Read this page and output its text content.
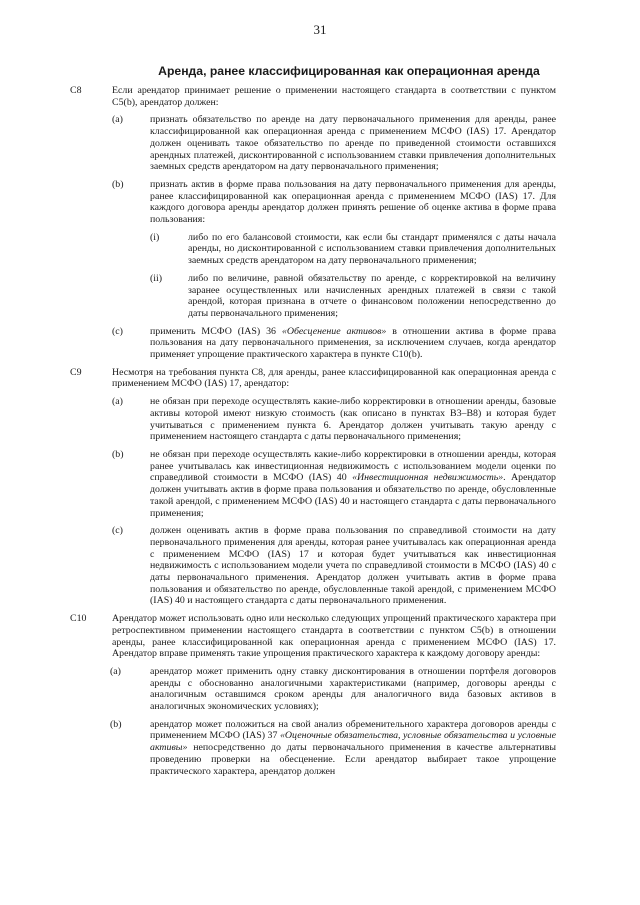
31
Аренда, ранее классифицированная как операционная аренда
C8	Если арендатор принимает решение о применении настоящего стандарта в соответствии с пунктом C5(b), арендатор должен:
(a)	признать обязательство по аренде на дату первоначального применения для аренды, ранее классифицированной как операционная аренда с применением МСФО (IAS) 17. Арендатор должен оценивать такое обязательство по аренде по приведенной стоимости оставшихся арендных платежей, дисконтированной с использованием ставки привлечения дополнительных заемных средств арендатором на дату первоначального применения;
(b)	признать актив в форме права пользования на дату первоначального применения для аренды, ранее классифицированной как операционная аренда с применением МСФО (IAS) 17. Для каждого договора аренды арендатор должен принять решение об оценке актива в форме права пользования:
(i)	либо по его балансовой стоимости, как если бы стандарт применялся с даты начала аренды, но дисконтированной с использованием ставки привлечения дополнительных заемных средств арендатором на дату первоначального применения;
(ii)	либо по величине, равной обязательству по аренде, с корректировкой на величину заранее осуществленных или начисленных арендных платежей в связи с такой арендой, которая признана в отчете о финансовом положении непосредственно до даты первоначального применения;
(c)	применить МСФО (IAS) 36 «Обесценение активов» в отношении актива в форме права пользования на дату первоначального применения, за исключением случаев, когда арендатор применяет упрощение практического характера в пункте C10(b).
C9	Несмотря на требования пункта C8, для аренды, ранее классифицированной как операционная аренда с применением МСФО (IAS) 17, арендатор:
(a)	не обязан при переходе осуществлять какие-либо корректировки в отношении аренды, базовые активы которой имеют низкую стоимость (как описано в пунктах B3–B8) и которая будет учитываться с применением пункта 6. Арендатор должен учитывать такую аренду с применением настоящего стандарта с даты первоначального применения;
(b)	не обязан при переходе осуществлять какие-либо корректировки в отношении аренды, которая ранее учитывалась как инвестиционная недвижимость с использованием модели оценки по справедливой стоимости в МСФО (IAS) 40 «Инвестиционная недвижимость». Арендатор должен учитывать актив в форме права пользования и обязательство по аренде, обусловленные такой арендой, с применением МСФО (IAS) 40 и настоящего стандарта с даты первоначального применения;
(c)	должен оценивать актив в форме права пользования по справедливой стоимости на дату первоначального применения для аренды, которая ранее учитывалась как операционная аренда с применением МСФО (IAS) 17 и которая будет учитываться как инвестиционная недвижимость с использованием модели учета по справедливой стоимости в МСФО (IAS) 40 с даты первоначального применения. Арендатор должен учитывать актив в форме права пользования и обязательство по аренде, обусловленные такой арендой, с применением МСФО (IAS) 40 и настоящего стандарта с даты первоначального применения.
C10	Арендатор может использовать одно или несколько следующих упрощений практического характера при ретроспективном применении настоящего стандарта в соответствии с пунктом C5(b) в отношении аренды, ранее классифицированной как операционная аренда с применением МСФО (IAS) 17. Арендатор вправе применять такие упрощения практического характера к каждому договору аренды:
(a)	арендатор может применить одну ставку дисконтирования в отношении портфеля договоров аренды с обоснованно аналогичными характеристиками (например, договоры аренды с аналогичным оставшимся сроком аренды для аналогичного вида базовых активов в аналогичных экономических условиях);
(b)	арендатор может положиться на свой анализ обременительного характера договоров аренды с применением МСФО (IAS) 37 «Оценочные обязательства, условные обязательства и условные активы» непосредственно до даты первоначального применения в качестве альтернативы проведению проверки на обесценение. Если арендатор выбирает такое упрощение практического характера, арендатор должен
